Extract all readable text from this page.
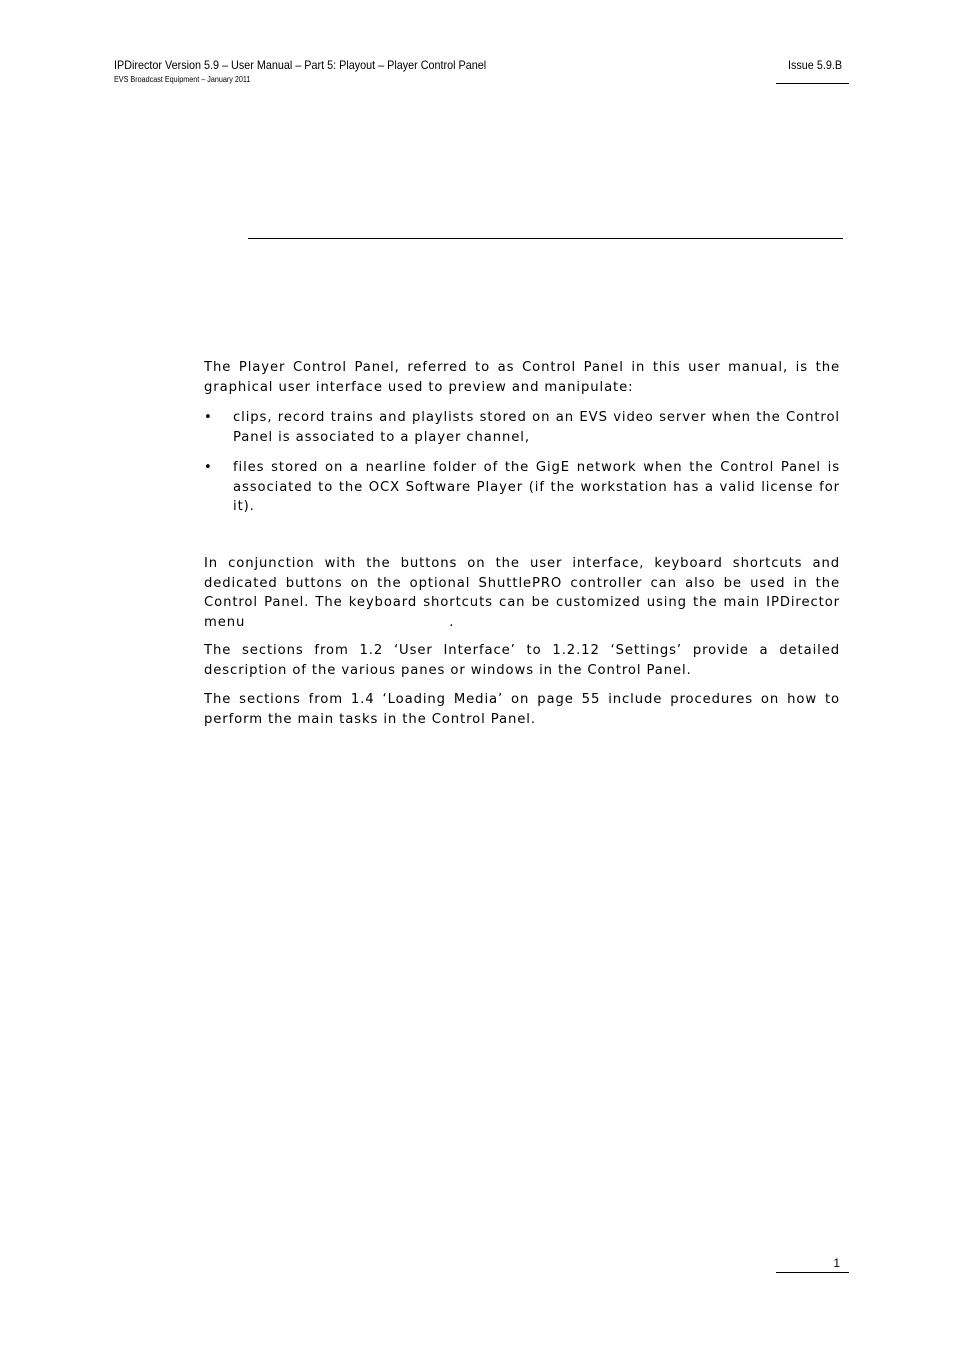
IPDirector Version 5.9 – User Manual – Part 5: Playout – Player Control Panel
EVS Broadcast Equipment – January 2011
Issue 5.9.B

The Player Control Panel, referred to as Control Panel in this user manual, is the graphical user interface used to preview and manipulate:

• clips, record trains and playlists stored on an EVS video server when the Control Panel is associated to a player channel,
• files stored on a nearline folder of the GigE network when the Control Panel is associated to the OCX Software Player (if the workstation has a valid license for it).

In conjunction with the buttons on the user interface, keyboard shortcuts and dedicated buttons on the optional ShuttlePRO controller can also be used in the Control Panel. The keyboard shortcuts can be customized using the main IPDirector menu	.

The sections from 1.2 ‘User Interface’ to 1.2.12 ‘Settings’ provide a detailed description of the various panes or windows in the Control Panel.

The sections from 1.4 ‘Loading Media’ on page 55 include procedures on how to perform the main tasks in the Control Panel.

1
